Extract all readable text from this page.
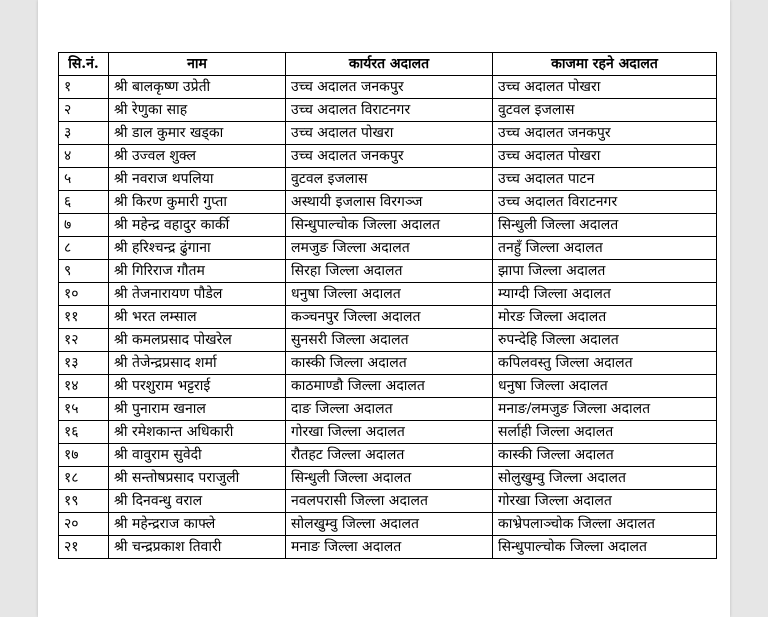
सि.नं.	नाम	कार्यरत अदालत	काजमा रहने अदालत
१	श्री बालकृष्ण उप्रेती	उच्च अदालत जनकपुर	उच्च अदालत पोखरा
२	श्री रेणुका साह	उच्च अदालत विराटनगर	वुटवल इजलास
३	श्री डाल कुमार खड्का	उच्च अदालत पोखरा	उच्च अदालत जनकपुर
४	श्री उज्वल शुक्ल	उच्च अदालत जनकपुर	उच्च अदालत पोखरा
५	श्री नवराज थपलिया	वुटवल इजलास	उच्च अदालत पाटन
६	श्री किरण कुमारी गुप्ता	अस्थायी इजलास विरगञ्ज	उच्च अदालत विराटनगर
७	श्री महेन्द्र वहादुर कार्की	सिन्धुपाल्चोक जिल्ला अदालत	सिन्धुली जिल्ला अदालत
८	श्री हरिश्चन्द्र ढुंगाना	लमजुङ जिल्ला अदालत	तनहुँ जिल्ला अदालत
९	श्री गिरिराज गौतम	सिरहा जिल्ला अदालत	झापा जिल्ला अदालत
१०	श्री तेजनारायण पौडेल	धनुषा जिल्ला अदालत	म्याग्दी जिल्ला अदालत
११	श्री भरत लम्साल	कञ्चनपुर जिल्ला अदालत	मोरङ जिल्ला अदालत
१२	श्री कमलप्रसाद पोखरेल	सुनसरी जिल्ला अदालत	रुपन्देहि जिल्ला अदालत
१३	श्री तेजेन्द्रप्रसाद शर्मा	कास्की जिल्ला अदालत	कपिलवस्तु जिल्ला अदालत
१४	श्री परशुराम भट्टराई	काठमाण्डौ जिल्ला अदालत	धनुषा जिल्ला अदालत
१५	श्री पुनाराम खनाल	दाङ जिल्ला अदालत	मनाङ/लमजुङ जिल्ला अदालत
१६	श्री रमेशकान्त अधिकारी	गोरखा जिल्ला अदालत	सर्लाही जिल्ला अदालत
१७	श्री वावुराम सुवेदी	रौतहट जिल्ला अदालत	कास्की जिल्ला अदालत
१८	श्री सन्तोषप्रसाद पराजुली	सिन्धुली जिल्ला अदालत	सोलुखुम्वु जिल्ला अदालत
१९	श्री दिनवन्धु वराल	नवलपरासी जिल्ला अदालत	गोरखा जिल्ला अदालत
२०	श्री महेन्द्रराज काफ्ले	सोलखुम्वु जिल्ला अदालत	काभ्रेपलाञ्चोक जिल्ला अदालत
२१	श्री चन्द्रप्रकाश तिवारी	मनाङ जिल्ला अदालत	सिन्धुपाल्चोक जिल्ला अदालत
